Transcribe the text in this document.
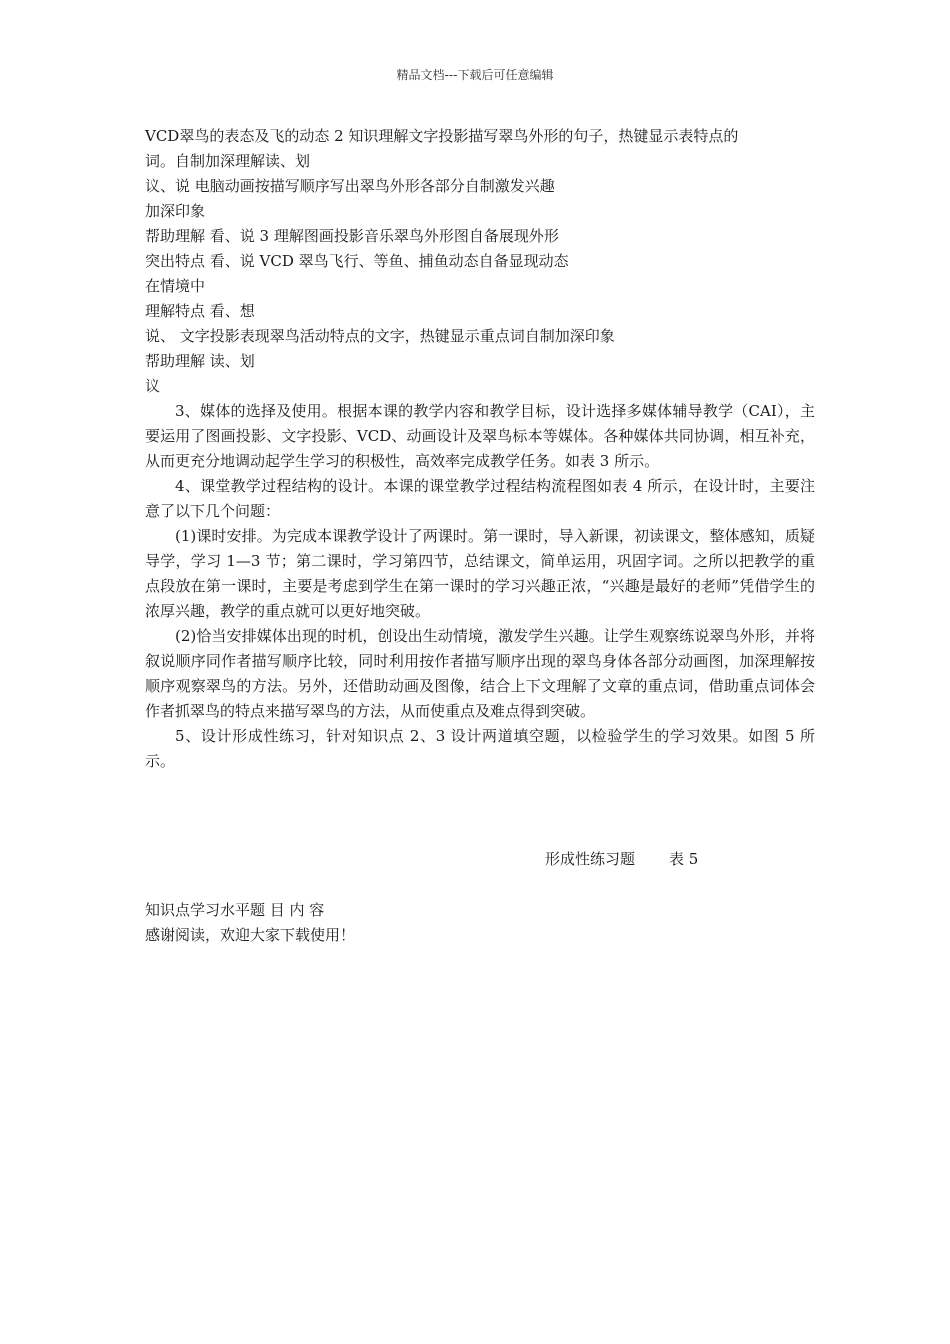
精品文档---下载后可任意编辑
VCD翠鸟的表态及飞的动态 2 知识理解文字投影描写翠鸟外形的句子，热键显示表特点的
词。自制加深理解读、划
议、说 电脑动画按描写顺序写出翠鸟外形各部分自制激发兴趣
加深印象
帮助理解 看、说 3 理解图画投影音乐翠鸟外形图自备展现外形
突出特点 看、说 VCD 翠鸟飞行、等鱼、捕鱼动态自备显现动态
在情境中
理解特点 看、想
说、 文字投影表现翠鸟活动特点的文字，热键显示重点词自制加深印象
帮助理解 读、划
议

3、媒体的选择及使用。根据本课的教学内容和教学目标，设计选择多媒体辅导教学（CAI），主要运用了图画投影、文字投影、VCD、动画设计及翠鸟标本等媒体。各种媒体共同协调，相互补充，从而更充分地调动起学生学习的积极性，高效率完成教学任务。如表 3 所示。

4、课堂教学过程结构的设计。本课的课堂教学过程结构流程图如表 4 所示，在设计时，主要注意了以下几个问题：

(1)课时安排。为完成本课教学设计了两课时。第一课时，导入新课，初读课文，整体感知，质疑导学，学习 1—3 节；第二课时，学习第四节，总结课文，简单运用，巩固字词。之所以把教学的重点段放在第一课时，主要是考虑到学生在第一课时的学习兴趣正浓，“兴趣是最好的老师”凭借学生的浓厚兴趣，教学的重点就可以更好地突破。

(2)恰当安排媒体出现的时机，创设出生动情境，激发学生兴趣。让学生观察练说翠鸟外形，并将叙说顺序同作者描写顺序比较，同时利用按作者描写顺序出现的翠鸟身体各部分动画图，加深理解按顺序观察翠鸟的方法。另外，还借助动画及图像，结合上下文理解了文章的重点词，借助重点词体会作者抓翠鸟的特点来描写翠鸟的方法，从而使重点及难点得到突破。

5、设计形成性练习，针对知识点 2、3 设计两道填空题，以检验学生的学习效果。如图 5 所示。

形成性练习题 表 5
知识点学习水平题 目 内 容
感谢阅读，欢迎大家下载使用！
